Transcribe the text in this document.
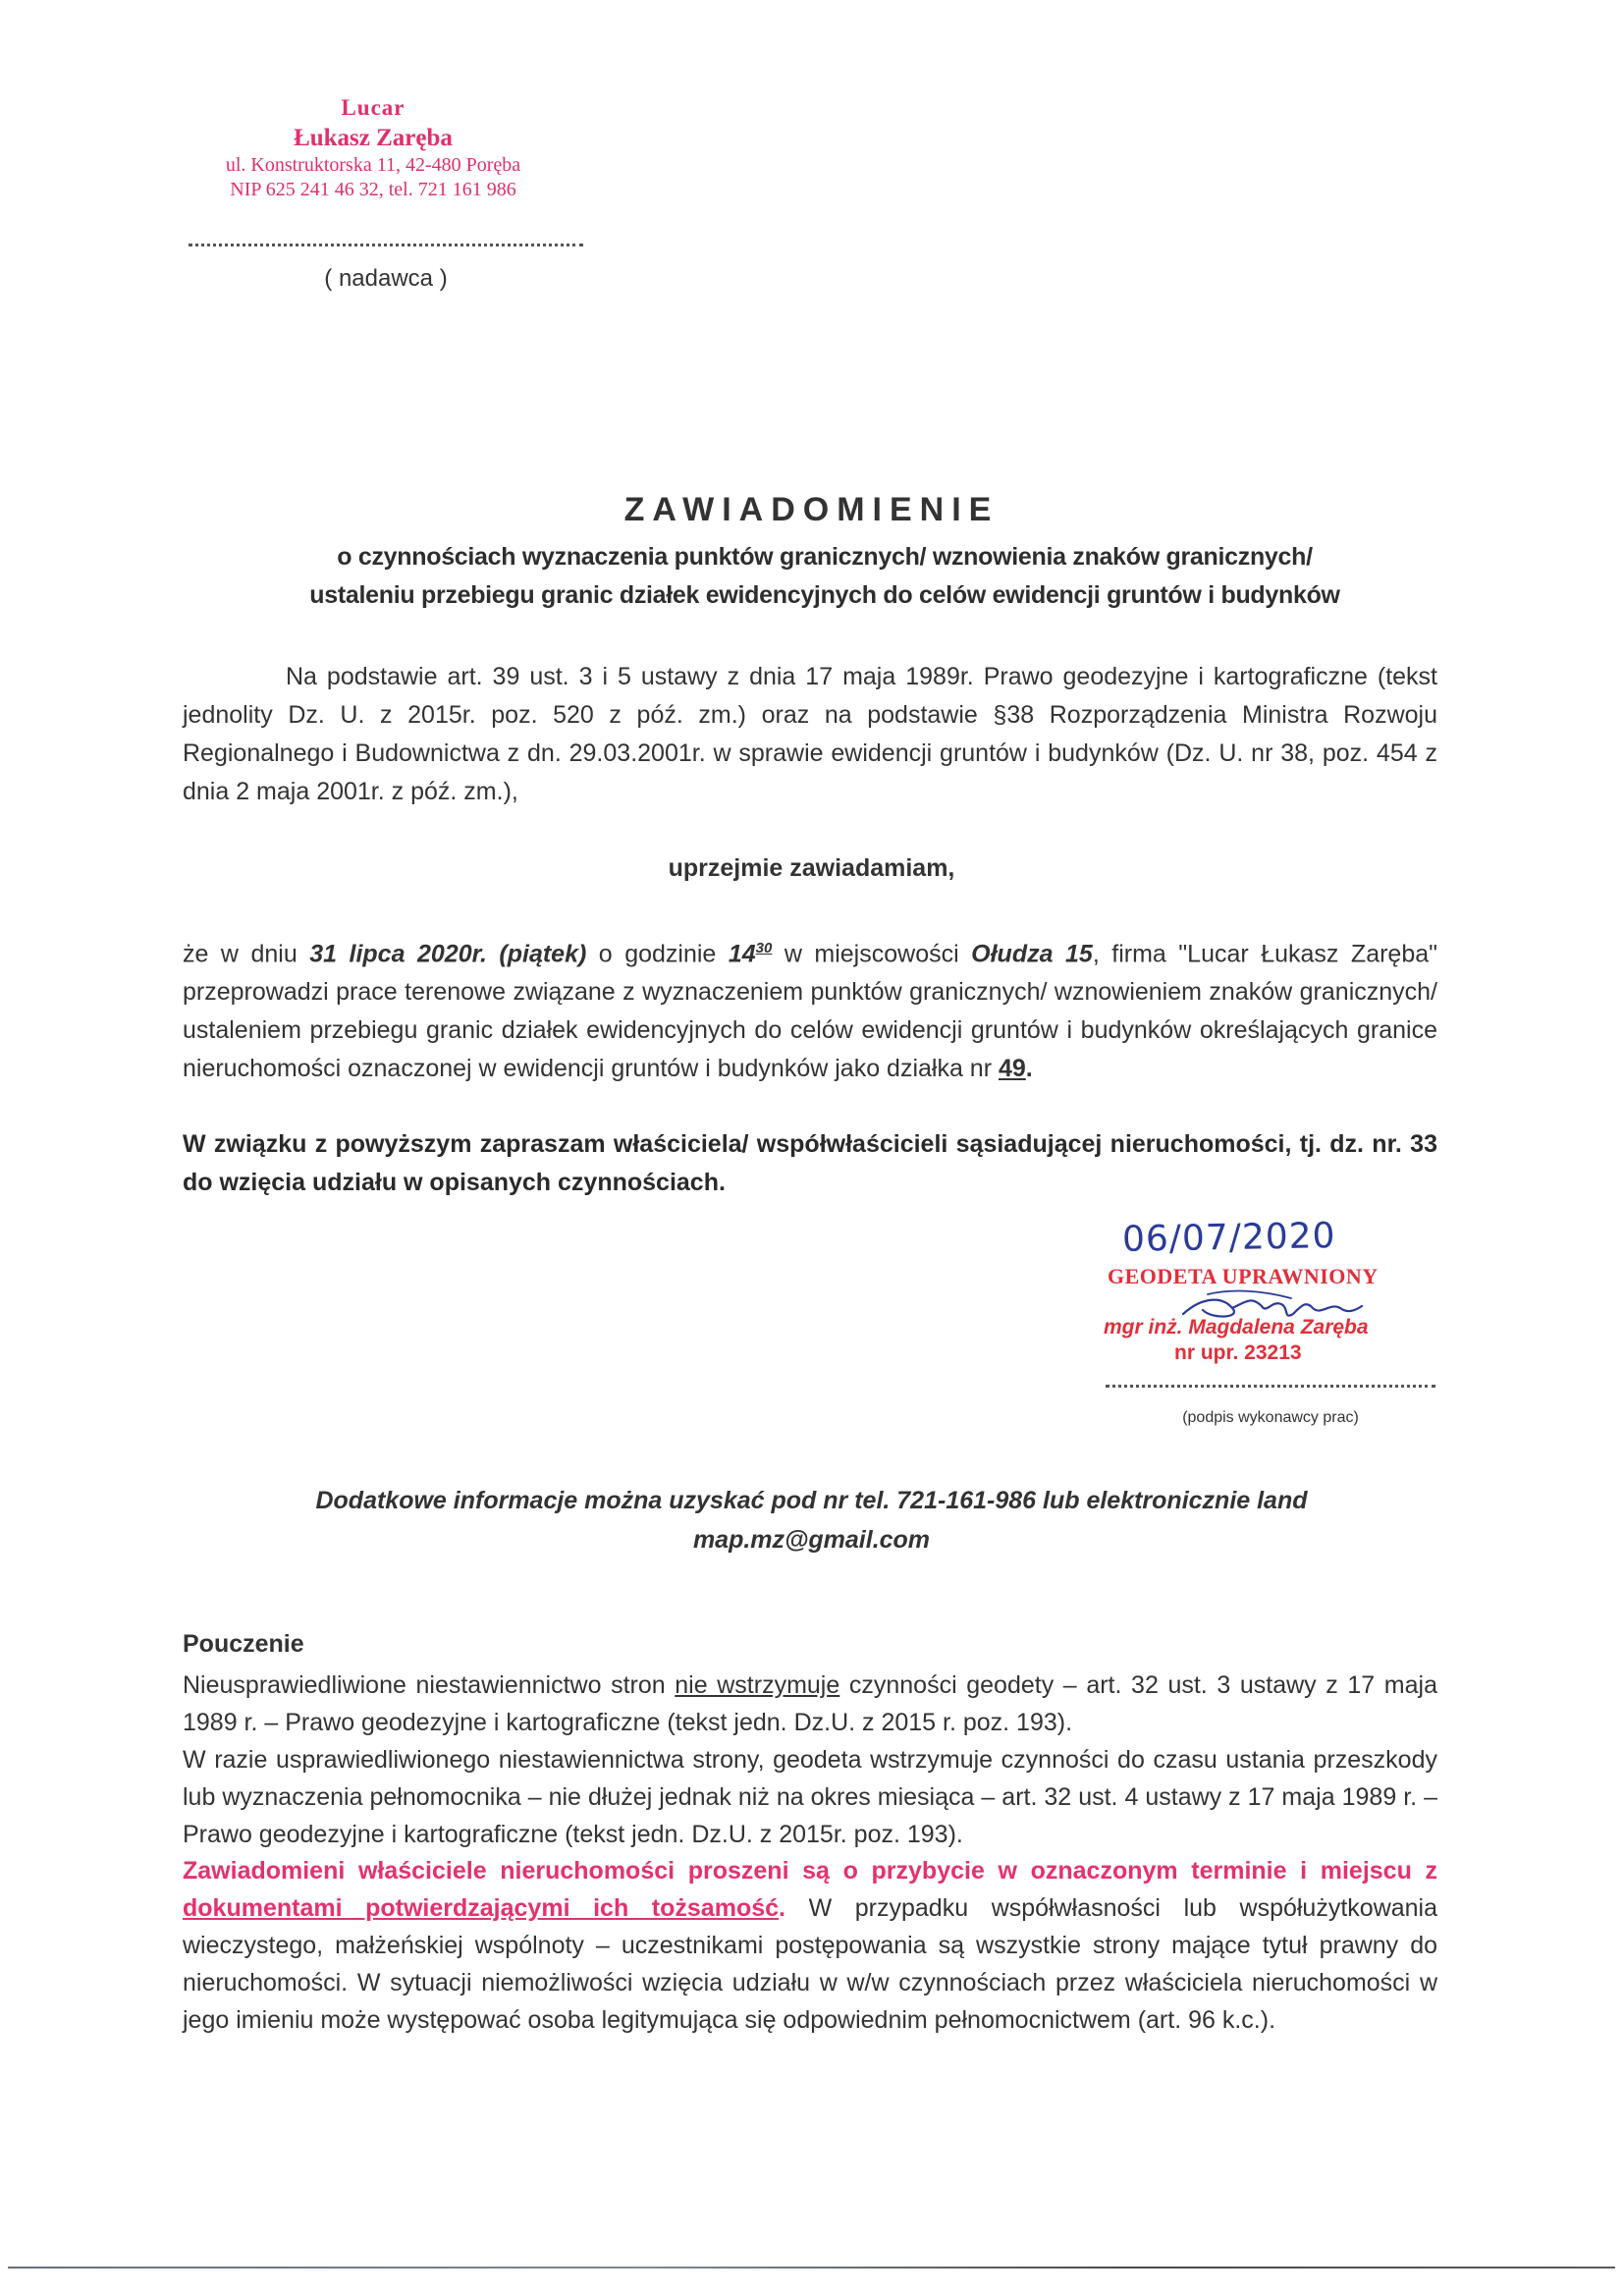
Lucar
Łukasz Zaręba
ul. Konstruktorska 11, 42-480 Poręba
NIP 625 241 46 32, tel. 721 161 986
( nadawca )
ZAWIADOMIENIE
o czynnościach wyznaczenia punktów granicznych/ wznowienia znaków granicznych/
ustaleniu przebiegu granic działek ewidencyjnych do celów ewidencji gruntów i budynków
Na podstawie art. 39 ust. 3 i 5 ustawy z dnia 17 maja 1989r. Prawo geodezyjne i kartograficzne (tekst jednolity Dz. U. z 2015r. poz. 520 z póź. zm.) oraz na podstawie §38 Rozporządzenia Ministra Rozwoju Regionalnego i Budownictwa z dn. 29.03.2001r. w sprawie ewidencji gruntów i budynków (Dz. U. nr 38, poz. 454 z dnia 2 maja 2001r. z póź. zm.),
uprzejmie zawiadamiam,
że w dniu 31 lipca 2020r. (piątek) o godzinie $14^{30}$ w miejscowości Ołudza 15, firma "Lucar Łukasz Zaręba" przeprowadzi prace terenowe związane z wyznaczeniem punktów granicznych/ wznowieniem znaków granicznych/ ustaleniem przebiegu granic działek ewidencyjnych do celów ewidencji gruntów i budynków określających granice nieruchomości oznaczonej w ewidencji gruntów i budynków jako działka nr 49.
W związku z powyższym zapraszam właściciela/ współwłaścicieli sąsiadującej nieruchomości, tj. dz. nr. 33 do wzięcia udziału w opisanych czynnościach.
06/07/2020
GEODETA UPRAWNIONY
mgr inż. Magdalena Zaręba
nr upr. 23213
(podpis wykonawcy prac)
Dodatkowe informacje można uzyskać pod nr tel. 721-161-986 lub elektronicznie land
map.mz@gmail.com
Pouczenie
Nieusprawiedliwione niestawiennictwo stron nie wstrzymuje czynności geodety – art. 32 ust. 3 ustawy z 17 maja 1989 r. – Prawo geodezyjne i kartograficzne (tekst jedn. Dz.U. z 2015 r. poz. 193).
W razie usprawiedliwionego niestawiennictwa strony, geodeta wstrzymuje czynności do czasu ustania przeszkody lub wyznaczenia pełnomocnika – nie dłużej jednak niż na okres miesiąca – art. 32 ust. 4 ustawy z 17 maja 1989 r. – Prawo geodezyjne i kartograficzne (tekst jedn. Dz.U. z 2015r. poz. 193).
Zawiadomieni właściciele nieruchomości proszeni są o przybycie w oznaczonym terminie i miejscu z dokumentami potwierdzającymi ich tożsamość. W przypadku współwłasności lub współużytkowania wieczystego, małżeńskiej wspólnoty – uczestnikami postępowania są wszystkie strony mające tytuł prawny do nieruchomości. W sytuacji niemożliwości wzięcia udziału w w/w czynnościach przez właściciela nieruchomości w jego imieniu może występować osoba legitymująca się odpowiednim pełnomocnictwem (art. 96 k.c.).
